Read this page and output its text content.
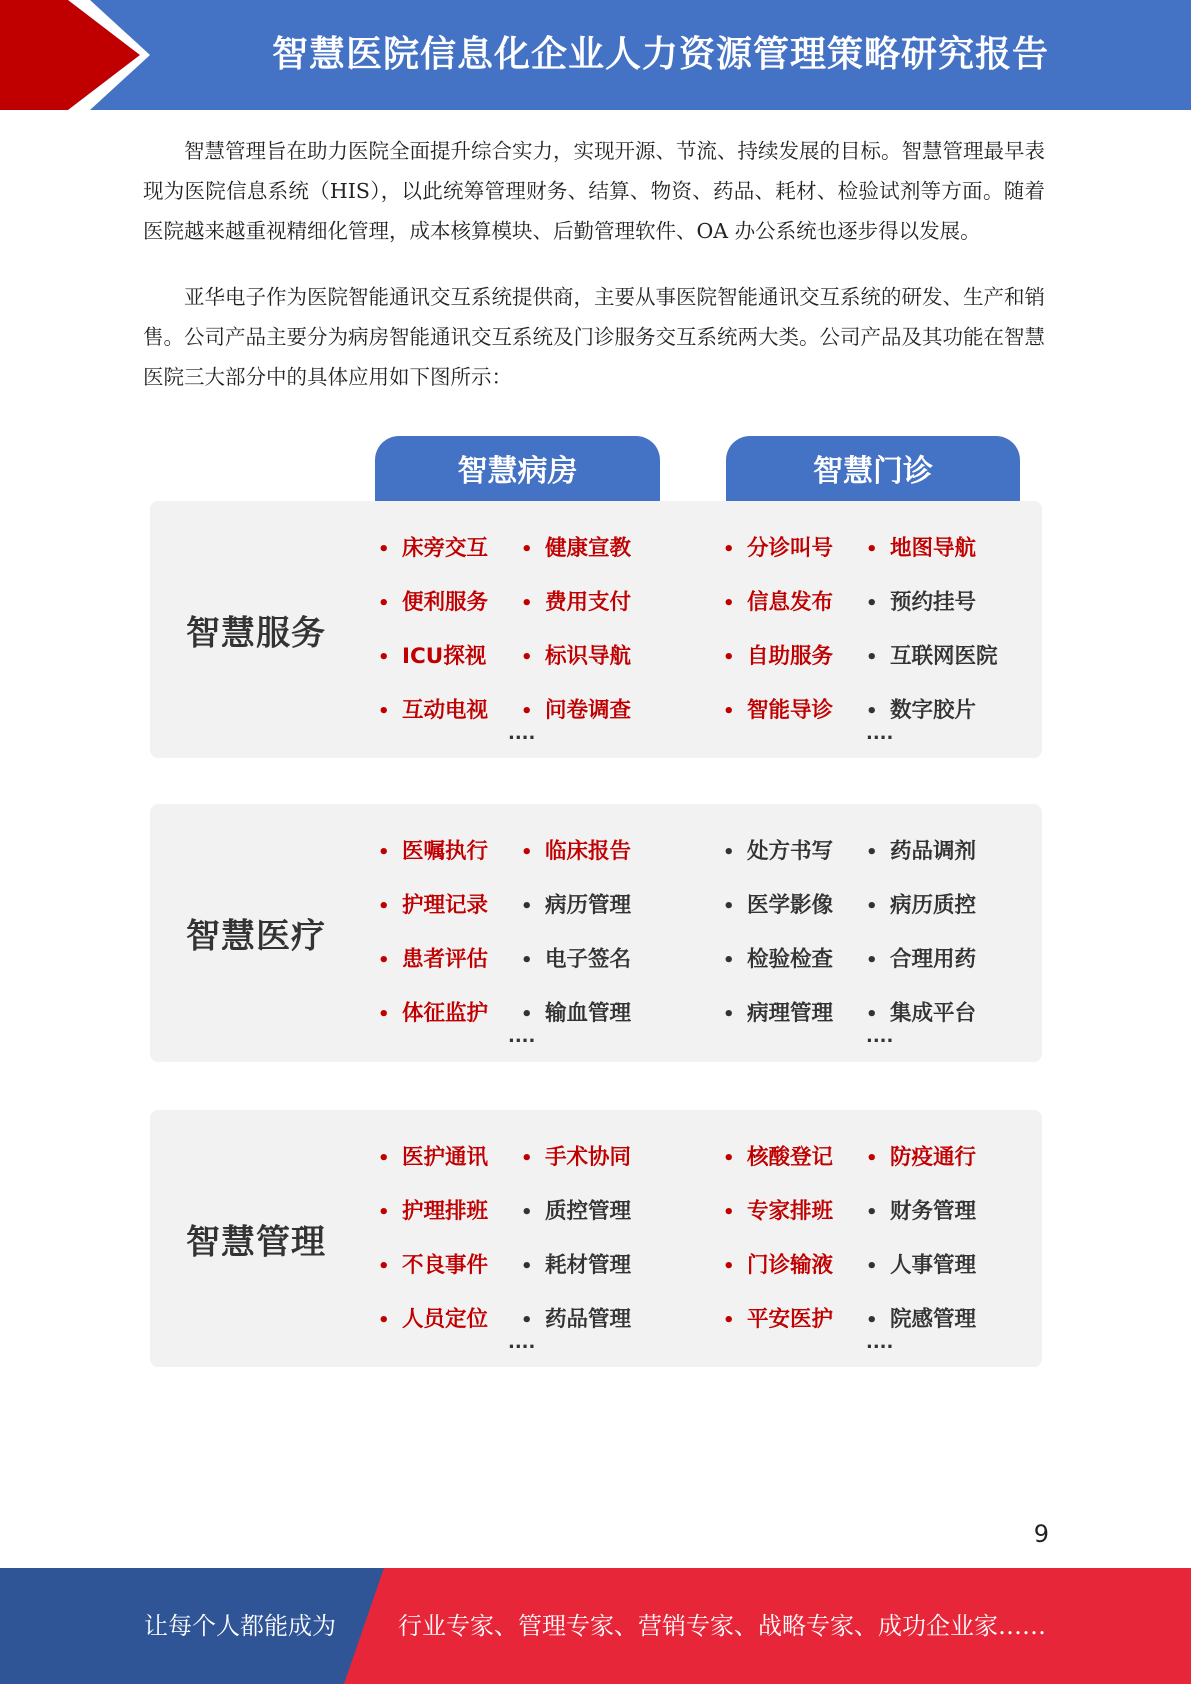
智慧医院信息化企业人力资源管理策略研究报告

智慧管理旨在助力医院全面提升综合实力，实现开源、节流、持续发展的目标。智慧管理最早表现为医院信息系统（HIS），以此统筹管理财务、结算、物资、药品、耗材、检验试剂等方面。随着医院越来越重视精细化管理，成本核算模块、后勤管理软件、OA 办公系统也逐步得以发展。

亚华电子作为医院智能通讯交互系统提供商，主要从事医院智能通讯交互系统的研发、生产和销售。公司产品主要分为病房智能通讯交互系统及门诊服务交互系统两大类。公司产品及其功能在智慧医院三大部分中的具体应用如下图所示：

智慧病房	智慧门诊
智慧服务
• 床旁交互 • 健康宣教
• 便利服务 • 费用支付
• ICU探视 • 标识导航
• 互动电视 • 问卷调查
....
• 分诊叫号 • 地图导航
• 信息发布 • 预约挂号
• 自助服务 • 互联网医院
• 智能导诊 • 数字胶片
....
智慧医疗
• 医嘱执行 • 临床报告
• 护理记录 • 病历管理
• 患者评估 • 电子签名
• 体征监护 • 输血管理
....
• 处方书写 • 药品调剂
• 医学影像 • 病历质控
• 检验检查 • 合理用药
• 病理管理 • 集成平台
....
智慧管理
• 医护通讯 • 手术协同
• 护理排班 • 质控管理
• 不良事件 • 耗材管理
• 人员定位 • 药品管理
....
• 核酸登记 • 防疫通行
• 专家排班 • 财务管理
• 门诊输液 • 人事管理
• 平安医护 • 院感管理
....
9
让每个人都能成为	行业专家、管理专家、营销专家、战略专家、成功企业家……
